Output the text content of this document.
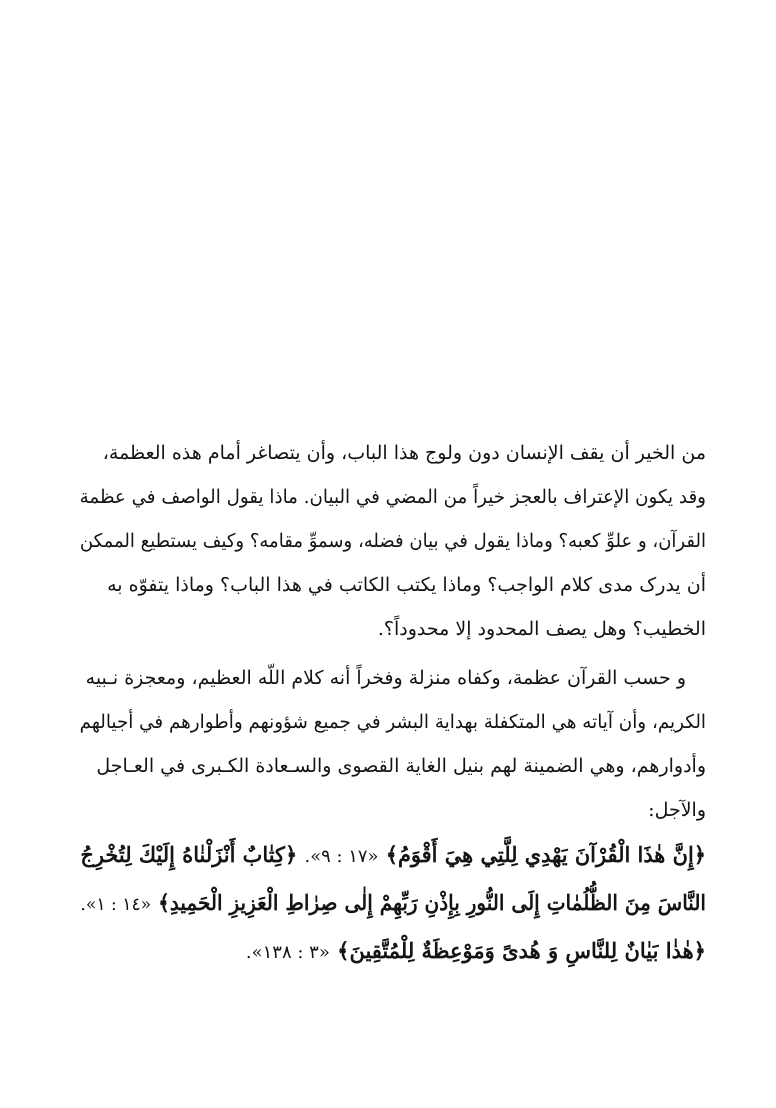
من الخير أن يقف الإنسان دون ولوج هذا الباب، وأن يتصاغر أمام هذه العظمة،
وقد يكون الإعتراف بالعجز خيراً من المضي في البيان. ماذا يقول الواصف في عظمة
القرآن، و علوِّ كعبه؟ وماذا يقول في بيان فضله، وسموِّ مقامه؟ وكيف يستطيع الممكن
أن يدرک مدى كلام الواجب؟ وماذا يكتب الكاتب في هذا الباب؟ وماذا يتفوّه به
الخطيب؟ وهل يصف المحدود إلا محدوداً؟.
و حسب القرآن عظمة، وكفاه منزلة وفخراً أنه كلام اللّه العظيم، ومعجزة نـبيه
الكريم، وأن آياته هي المتكفلة بهداية البشر في جميع شؤونهم وأطوارهم في أجيالهم
وأدوارهم، وهي الضمينة لهم بنيل الغاية القصوى والسـعادة الكـبرى في العـاجل
والآجل:
﴿إِنَّ هٰذَا الْقُرْآنَ يَهْدِي لِلَّتِي هِيَ أَقْوَمُ﴾ «١٧ : ٩». ﴿كِتٰابٌ أَنْزَلْنٰاهُ إِلَيْكَ لِتُخْرِجُ
النَّاسَ مِنَ الظُّلُمٰاتِ إِلَى النُّورِ بِإِذْنِ رَبِّهِمْ إِلٰى صِرٰاطِ الْعَزِيزِ الْحَمِيدِ﴾ «١٤ : ١».
﴿هٰذٰا بَيٰانٌ لِلنَّاسِ وَ هُدىً وَمَوْعِظَةٌ لِلْمُتَّقِينَ﴾ «٣ : ١٣٨».
